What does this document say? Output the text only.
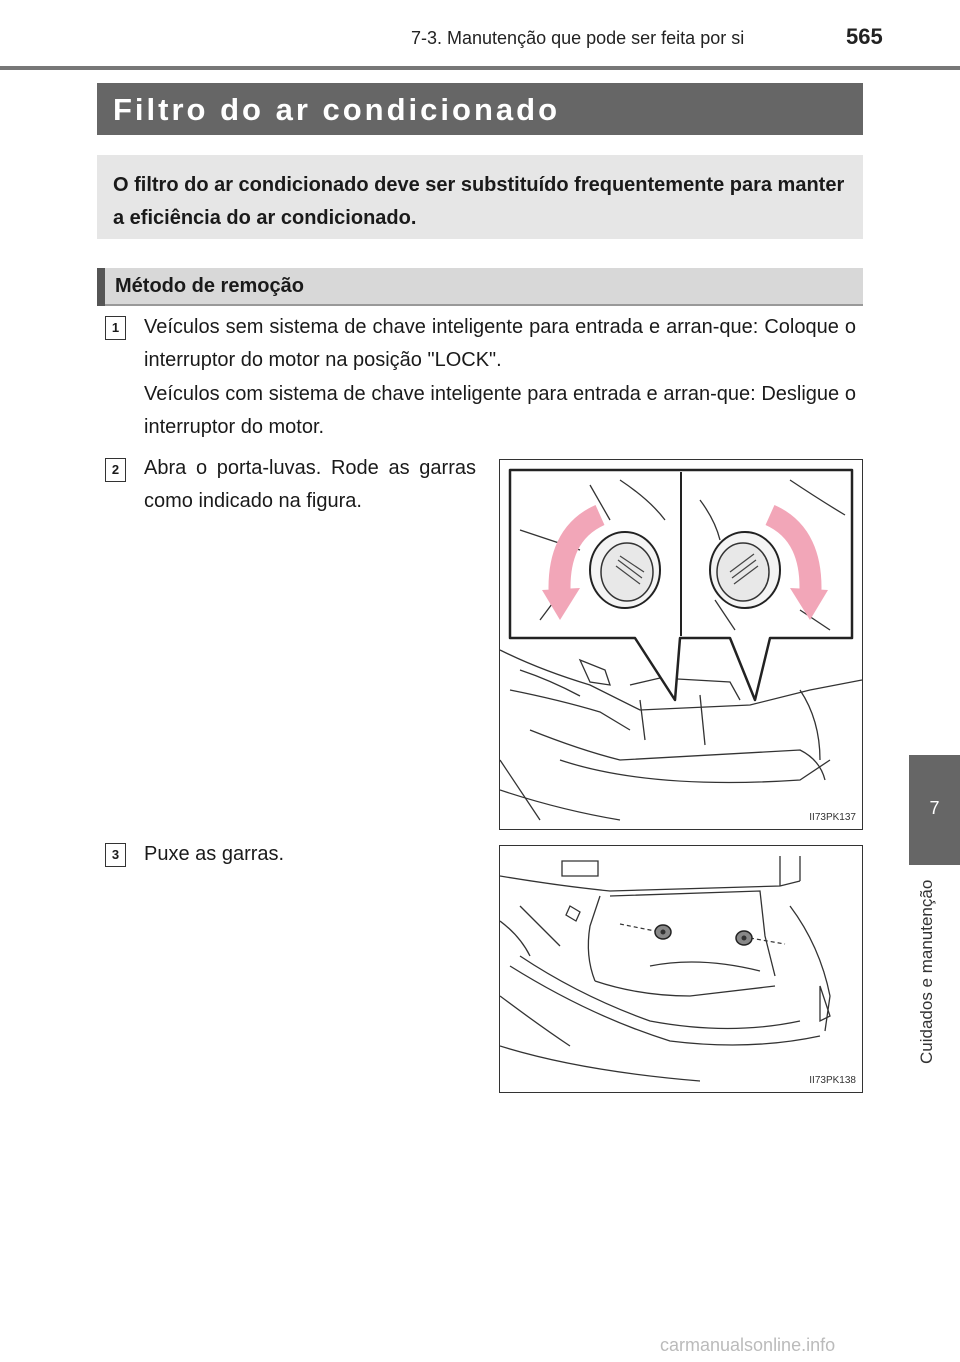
7-3. Manutenção que pode ser feita por si	565
Filtro do ar condicionado
O filtro do ar condicionado deve ser substituído frequentemente para manter a eficiência do ar condicionado.
Método de remoção
1	Veículos sem sistema de chave inteligente para entrada e arran-que: Coloque o interruptor do motor na posição "LOCK".
Veículos com sistema de chave inteligente para entrada e arran-que: Desligue o interruptor do motor.
2	Abra o porta-luvas. Rode as garras como indicado na figura.
II73PK137
3	Puxe as garras.
II73PK138
7
Cuidados e manutenção
carmanualsonline.info
